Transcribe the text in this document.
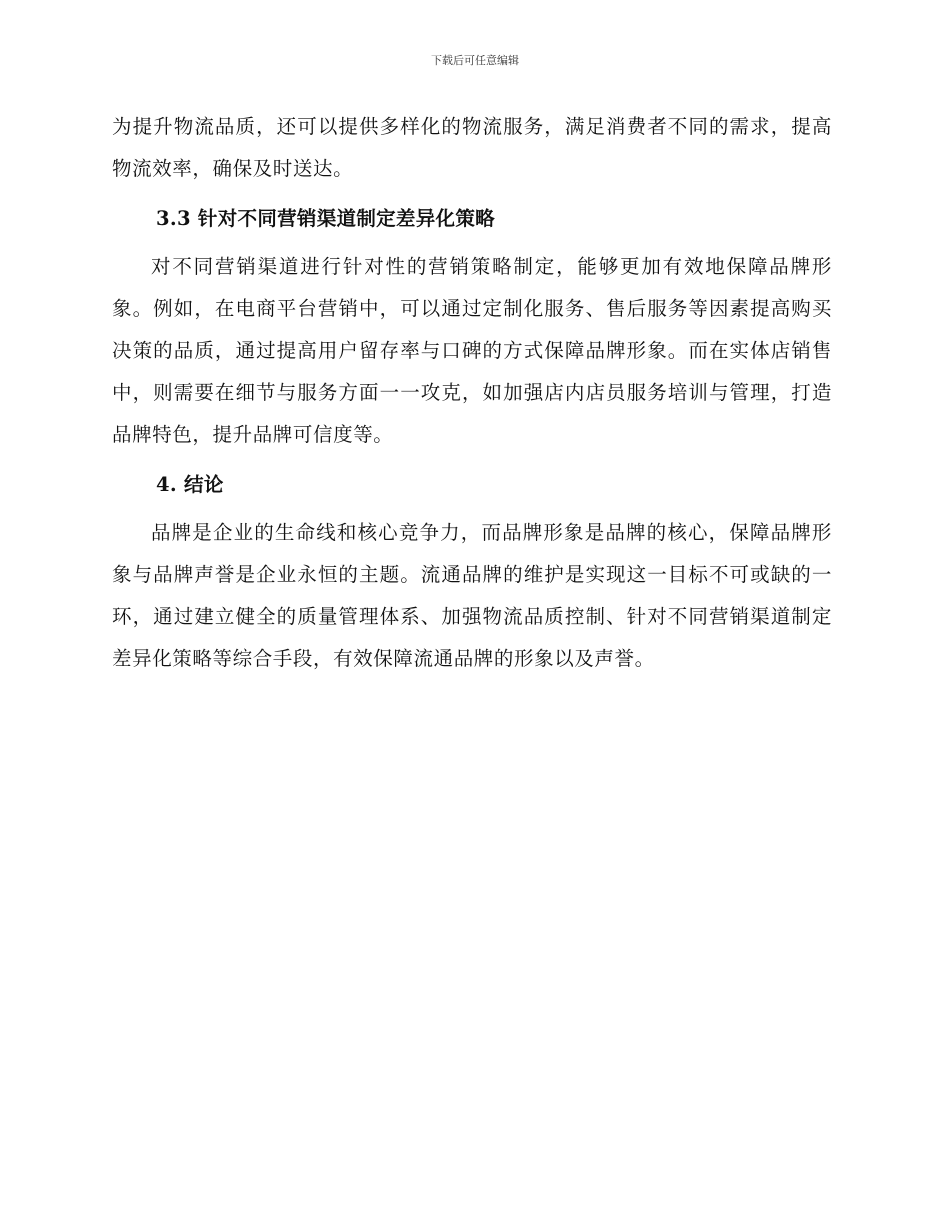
下载后可任意编辑

为提升物流品质，还可以提供多样化的物流服务，满足消费者不同的需求，提高物流效率，确保及时送达。

3.3 针对不同营销渠道制定差异化策略

对不同营销渠道进行针对性的营销策略制定，能够更加有效地保障品牌形象。例如，在电商平台营销中，可以通过定制化服务、售后服务等因素提高购买决策的品质，通过提高用户留存率与口碑的方式保障品牌形象。而在实体店销售中，则需要在细节与服务方面一一攻克，如加强店内店员服务培训与管理，打造品牌特色，提升品牌可信度等。

4. 结论

品牌是企业的生命线和核心竞争力，而品牌形象是品牌的核心，保障品牌形象与品牌声誉是企业永恒的主题。流通品牌的维护是实现这一目标不可或缺的一环，通过建立健全的质量管理体系、加强物流品质控制、针对不同营销渠道制定差异化策略等综合手段，有效保障流通品牌的形象以及声誉。
